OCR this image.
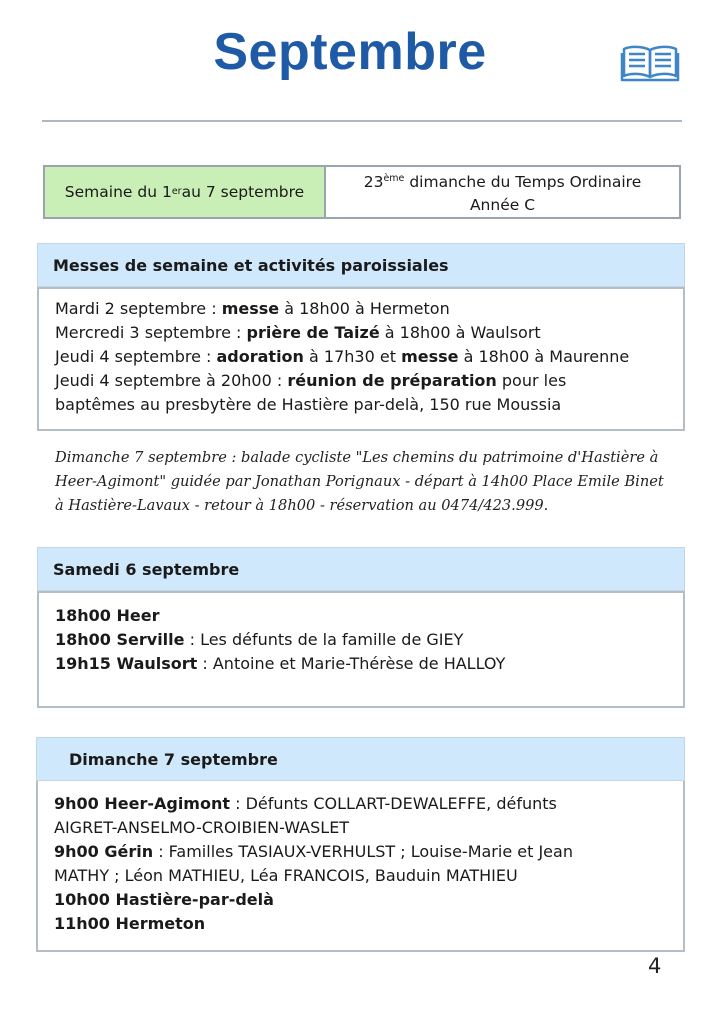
Septembre
Semaine du 1 er au 7 septembre
23ème dimanche du Temps Ordinaire
Année C
Messes de semaine et activités paroissiales
Mardi 2 septembre : messe à 18h00 à Hermeton
Mercredi 3 septembre : prière de Taizé à 18h00 à Waulsort
Jeudi 4 septembre : adoration à 17h30 et messe à 18h00 à Maurenne
Jeudi 4 septembre à 20h00 : réunion de préparation pour les
baptêmes au presbytère de Hastière par-delà, 150 rue Moussia
Dimanche 7 septembre : balade cycliste "Les chemins du patrimoine d'Hastière à Heer-Agimont" guidée par Jonathan Porignaux - départ à 14h00 Place Emile Binet à Hastière-Lavaux - retour à 18h00 - réservation au 0474/423.999.
Samedi 6 septembre
18h00 Heer
18h00 Serville : Les défunts de la famille de GIEY
19h15 Waulsort : Antoine et Marie-Thérèse de HALLOY
Dimanche 7 septembre
9h00 Heer-Agimont : Défunts COLLART-DEWALEFFE, défunts
AIGRET-ANSELMO-CROIBIEN-WASLET
9h00 Gérin : Familles TASIAUX-VERHULST ; Louise-Marie et Jean
MATHY ; Léon MATHIEU, Léa FRANCOIS, Bauduin MATHIEU
10h00 Hastière-par-delà
11h00 Hermeton
4
